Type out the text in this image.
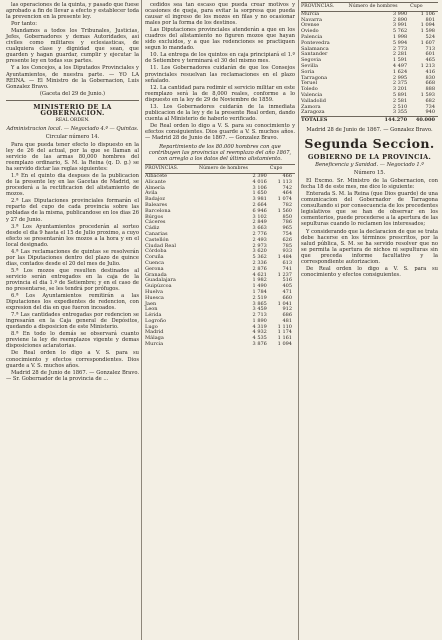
las operaciones de la quinta, y pasado que fuese aprobado a fin de llevar a efecto y establecer toda la prevencion en la presente ley.

Por tanto:

Mandamos a todos los Tribunales, Justicias, Jefes, Gobernadores y demas Autoridades, asi civiles como militares y eclesiasticas, de cualquiera clase y dignidad que sean, que guarden y hagan guardar, cumplir y ejecutar la presente ley en todas sus partes.

Y a los Concejos, a los Diputados Provinciales y Ayuntamientos, de nuestra parte. — YO LA REINA. — El Ministro de la Gobernacion, Luis Gonzalez Bravo.

(Gaceta del 29 de Junio.)

MINISTERIO DE LA GOBERNACION.
REAL ORDEN.
Administracion local. — Negociado 4.º — Quintas.
Circular número 14.

Para que pueda tener efecto lo dispuesto en la ley de 26 del actual, por la que se llaman al servicio de las armas 80,000 hombres del reemplazo ordinario, S. M. la Reina (q. D. g.) se ha servido dictar las reglas siguientes:

1.ª En el quinto dia despues de la publicacion de la presente ley en las Gacetas de Madrid, se procederá a la rectificacion del alistamiento de mozos.

2.ª Las Diputaciones provinciales formarán el reparto del cupo de cada provincia sobre las pobladas de la misma, publicandose en los dias 26 y 27 de Junio.

3.ª Los Ayuntamientos procederán al sorteo desde el dia 9 hasta el 15 de Julio proximo, a cuyo efecto se presentarán los mozos a la hora y en el local designado.

4.ª Las reclamaciones de quintas se resolverán por las Diputaciones dentro del plazo de quince dias, contados desde el 20 del mes de Julio.

5.ª Los mozos que resulten destinados al servicio serán entregados en la caja de la provincia el dia 1.º de Setiembre; y en el caso de no presentarse, se les tendrá por prófugos.

6.ª Los Ayuntamientos remitirán a las Diputaciones los expedientes de redencion, con expresion del dia en que fueron incoados.

7.ª Las cantidades entregadas por redencion se ingresarán en la Caja general de Depósitos, quedando a disposicion de este Ministerio.

8.ª En todo lo demás se observará cuanto previene la ley de reemplazos vigente y demas disposiciones aclaratorias.

De Real orden lo digo a V. S. para su conocimiento y efectos correspondientes. Dios guarde a V. S. muchos años.

Madrid 28 de Junio de 1867. — Gonzalez Bravo. — Sr. Gobernador de la provincia de ...

cedidos sea tan escaso que pueda crear motivos y ocasiones de queja, para evitar la sorpresa que pueda causar el ingreso de los mozos en filas y no ocasionar males por la forma de los destinos.

Las Diputaciones provinciales atenderán a que en los cuadros del alistamiento no figuren mozos que hayan sido excluidos, y a que las redenciones se practiquen segun lo mandado.

10. La entrega de los quintos en caja principiará el 1.º de Setiembre y terminará el 30 del mismo mes.

11. Los Gobernadores cuidarán de que los Consejos provinciales resuelvan las reclamaciones en el plazo señalado.

12. La cantidad para redimir el servicio militar en este reemplazo será la de 8,000 reales, conforme a lo dispuesto en la ley de 29 de Noviembre de 1859.

13. Los Gobernadores cuidarán de la inmediata publicacion de la ley y de la presente Real orden, dando cuenta al Ministerio de haberlo verificado.

De Real orden lo digo a V. S. para su conocimiento y efectos consiguientes. Dios guarde a V. S. muchos años. — Madrid 28 de Junio de 1867. — Gonzalez Bravo.

Repartimiento de los 80.000 hombres con que contribuyen las provincias al reemplazo del año 1867, con arreglo a los datos del último alistamiento.

PROVINCIAS.		Número de hombres	Cupo
Albacete		2 390	466
Alicante		4 016	1 113
Almería		3 106	742
Ávila		1 650	464
Badajoz		3 981	1 074
Baleares		2 664	782
Barcelona		6 946	1 560
Búrgos		3 102	850
Cáceres		2 849	786
Cádiz		3 663	965
Canarias		2 776	754
Castellón		2 493	626
Ciudad Real		2 973	785
Córdoba		3 620	933
Coruña		5 362	1 484
Cuenca		2 336	613
Gerona		2 876	741
Granada		4 621	1 237
Guadalajara		1 982	516
Guipúzcoa		1 490	405
Huelva		1 784	471
Huesca		2 519	660
Jaen		3 865	1 041
Leon		3 459	912
Lérida		2 713	686
Logroño		1 890	481
Lugo		4 319	1 110
Madrid		4 932	1 174
Málaga		4 535	1 161
Murcia		3 876	1 094
PROVINCIAS.		Número de hombres	Cupo
Murcia		3 990	1 106
Navarra		2 890	801
Orense		3 991	1 094
Oviedo		5 762	1 598
Palencia		1 998	524
Pontevedra		5 994	1 607
Salamanca		2 773	713
Santander		2 281	601
Segovia		1 591	465
Sevilla		4 497	1 213
Soria		1 624	416
Tarragona		2 995	830
Teruel		2 375	668
Toledo		3 201	888
Valencia		5 891	1 593
Valladolid		2 581	682
Zamora		2 510	734
Zaragoza		3 355	940
TOTALES		144.270	40.000

Madrid 28 de Junio de 1867. — Gonzalez Bravo.

Segunda Seccion.
GOBIERNO DE LA PROVINCIA.
Beneficencia y Sanidad. — Negociado 1.º
Número 15.

El Excmo. Sr. Ministro de la Gobernacion, con fecha 18 de este mes, me dice lo siguiente:

Enterada S. M. la Reina (que Dios guarde) de una comunicacion del Gobernador de Tarragona consultando si por consecuencia de los precedentes legislativos que se han de observar en los cementerios, puede procederse a la apertura de las sepulturas cuando lo reclamen los interesados;

Y considerando que la declaracion de que se trata debe hacerse en los términos prescritos, por la salud pública, S. M. se ha servido resolver que no se permita la apertura de nichos ni sepulturas sin que preceda informe facultativo y la correspondiente autorizacion.

De Real orden lo digo a V. S. para su conocimiento y efectos consiguientes.
